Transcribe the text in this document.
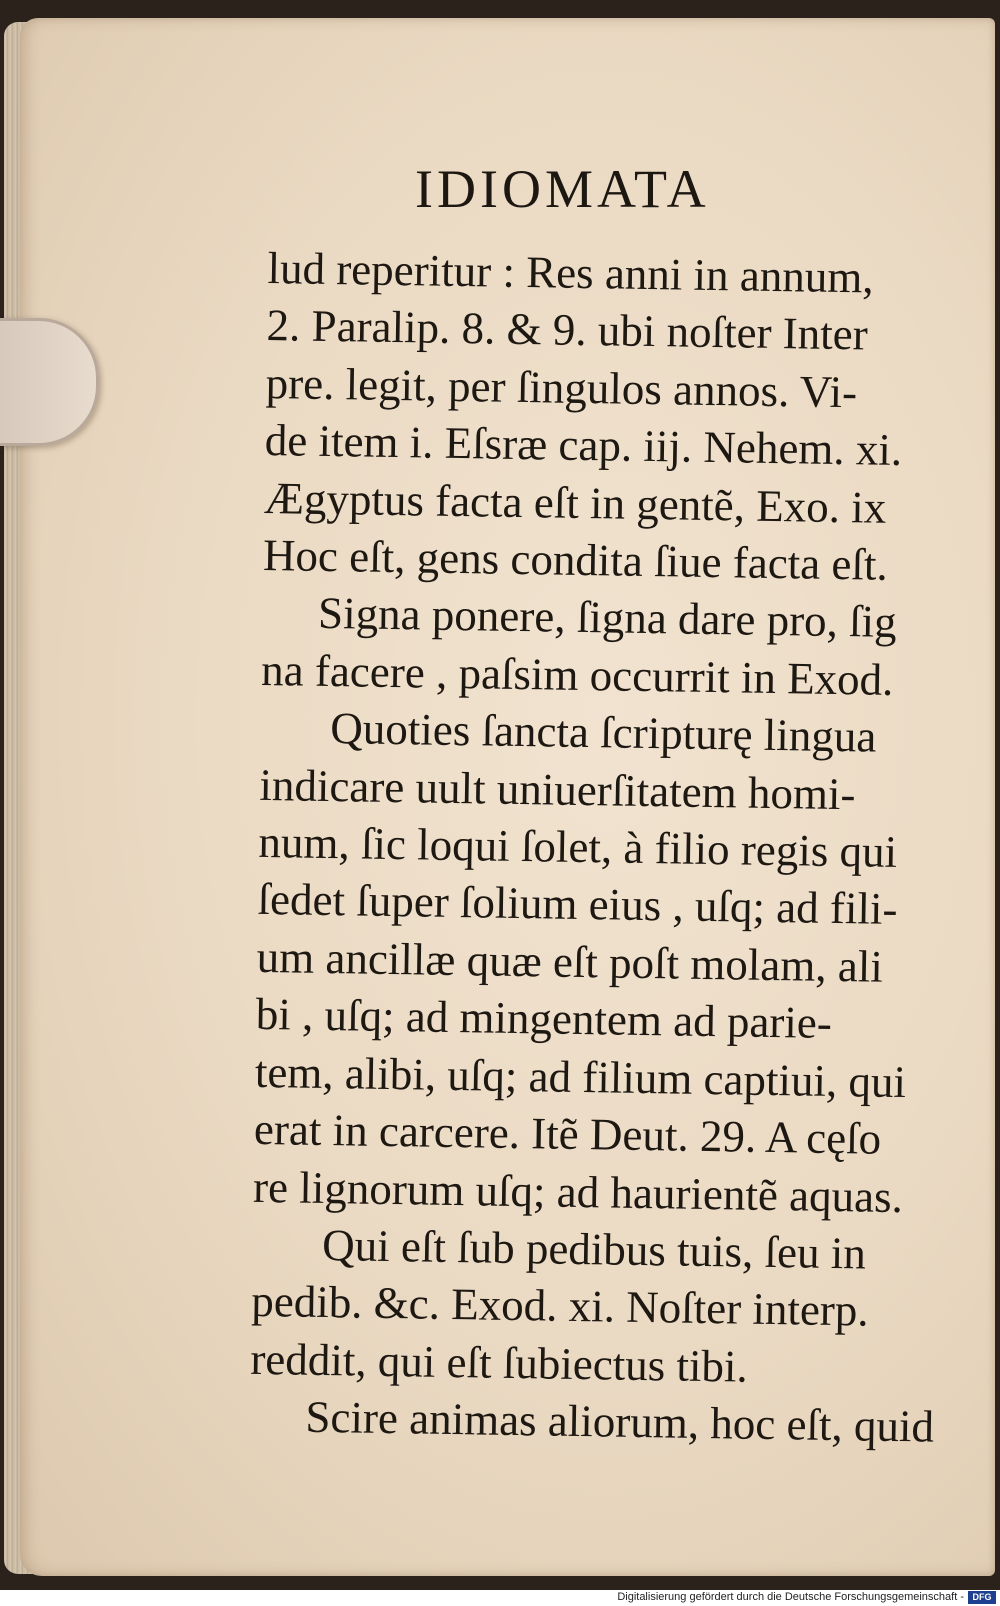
IDIOMATA
lud reperitur : Res anni in annum,
2. Paralip. 8. & 9. ubi noſter Inter
pre. legit, per ſingulos annos. Vi-
de item i. Eſsræ cap. iij. Nehem. xi.
Ægyptus facta eſt in gentẽ, Exo. ix
Hoc eſt, gens condita ſiue facta eſt.
Signa ponere, ſigna dare pro, ſig
na facere , paſsim occurrit in Exod.
Quoties ſancta ſcripturę lingua
indicare uult uniuerſitatem homi-
num, ſic loqui ſolet, à filio regis qui
ſedet ſuper ſolium eius , uſq; ad fili-
um ancillæ quæ eſt poſt molam, ali
bi , uſq; ad mingentem ad parie-
tem, alibi, uſq; ad filium captiui, qui
erat in carcere. Itẽ Deut. 29. A cęſo
re lignorum uſq; ad haurientẽ aquas.
Qui eſt ſub pedibus tuis, ſeu in
pedib. &c. Exod. xi. Noſter interp.
reddit, qui eſt ſubiectus tibi.
Scire animas aliorum, hoc eſt, quid
Digitalisierung gefördert durch die Deutsche Forschungsgemeinschaft - DFG
